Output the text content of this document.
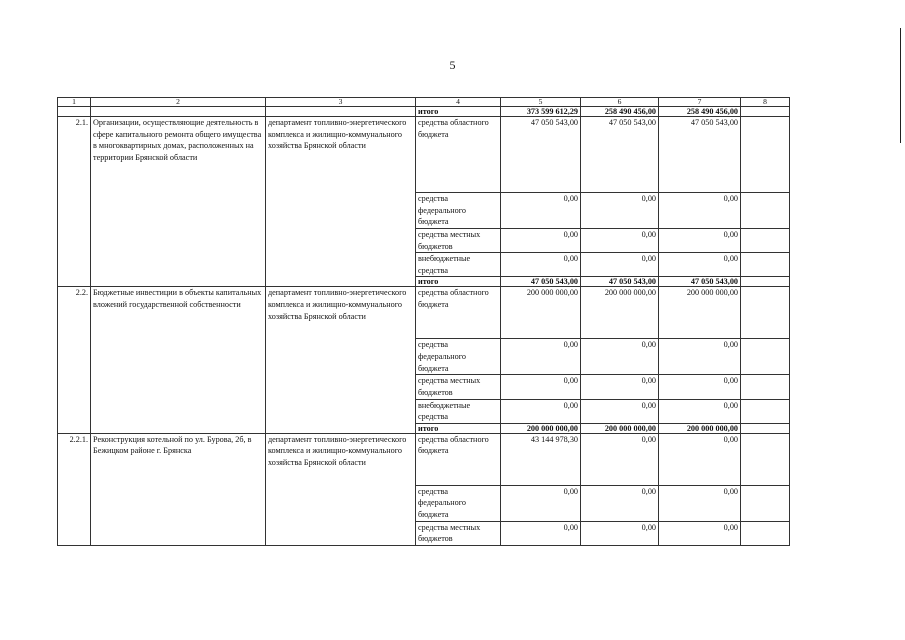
5
1	2	3	4	5	6	7	8
			итого	373 599 612,29	258 490 456,00	258 490 456,00	
2.1.	Организации, осуществляющие деятельность в сфере капитального ремонта общего имущества в многоквартирных домах, расположенных на территории Брянской области	департамент топливно-энергетического комплекса и жилищно-коммунального хозяйства Брянской области	средства областного бюджета	47 050 543,00	47 050 543,00	47 050 543,00	
			средства федерального бюджета	0,00	0,00	0,00	
			средства местных бюджетов	0,00	0,00	0,00	
			внебюджетные средства	0,00	0,00	0,00	
			итого	47 050 543,00	47 050 543,00	47 050 543,00	
2.2.	Бюджетные инвестиции в объекты капитальных вложений государственной собственности	департамент топливно-энергетического комплекса и жилищно-коммунального хозяйства Брянской области	средства областного бюджета	200 000 000,00	200 000 000,00	200 000 000,00	
			средства федерального бюджета	0,00	0,00	0,00	
			средства местных бюджетов	0,00	0,00	0,00	
			внебюджетные средства	0,00	0,00	0,00	
			итого	200 000 000,00	200 000 000,00	200 000 000,00	
2.2.1.	Реконструкция котельной по ул. Бурова, 2б, в Бежицком районе г. Брянска	департамент топливно-энергетического комплекса и жилищно-коммунального хозяйства Брянской области	средства областного бюджета	43 144 978,30	0,00	0,00	
			средства федерального бюджета	0,00	0,00	0,00	
			средства местных бюджетов	0,00	0,00	0,00	
